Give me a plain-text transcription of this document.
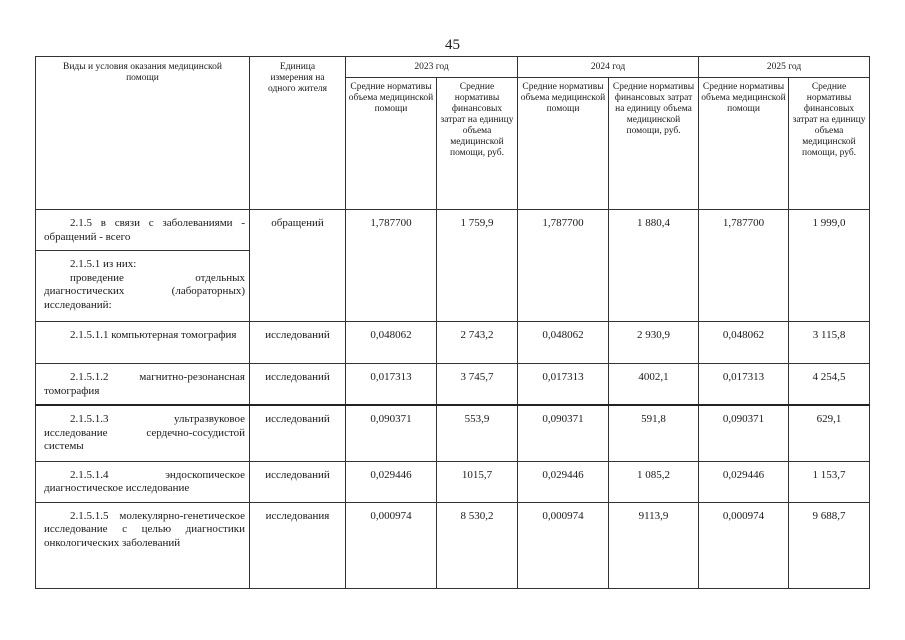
45
Виды и условия оказания медицинской помощи	Единица измерения на одного жителя	2023 год		2024 год		2025 год	
		Средние нормативы объема медицинской помощи	Средние нормативы финансовых затрат на единицу объема медицинской помощи, руб.	Средние нормативы объема медицинской помощи	Средние нормативы финансовых затрат на единицу объема медицинской помощи, руб.	Средние нормативы объема медицинской помощи	Средние нормативы финансовых затрат на единицу объема медицинской помощи, руб.
2.1.5 в связи с заболеваниями - обращений - всего	обращений	1,787700	1 759,9	1,787700	1 880,4	1,787700	1 999,0
2.1.5.1 из них:
проведение отдельных диагностических (лабораторных) исследований:							
2.1.5.1.1 компьютерная томография	исследований	0,048062	2 743,2	0,048062	2 930,9	0,048062	3 115,8
2.1.5.1.2 магнитно-резонансная томография	исследований	0,017313	3 745,7	0,017313	4002,1	0,017313	4 254,5
2.1.5.1.3 ультразвуковое исследование сердечно-сосудистой системы	исследований	0,090371	553,9	0,090371	591,8	0,090371	629,1
2.1.5.1.4 эндоскопическое диагностическое исследование	исследований	0,029446	1015,7	0,029446	1 085,2	0,029446	1 153,7
2.1.5.1.5 молекулярно-генетическое исследование с целью диагностики онкологических заболеваний	исследования	0,000974	8 530,2	0,000974	9113,9	0,000974	9 688,7
